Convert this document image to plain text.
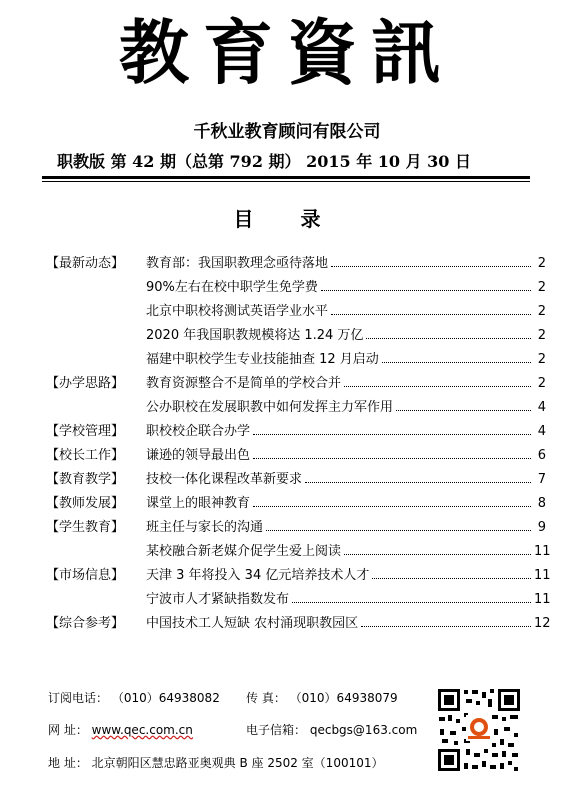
教育資訊
千秋业教育顾问有限公司
职教版 第 42 期（总第 792 期） 2015 年 10 月 30 日
目 录
【最新动态】 教育部：我国职教理念亟待落地	2
90%左右在校中职学生免学费	2
北京中职校将测试英语学业水平	2
2020 年我国职教规模将达 1.24 万亿	2
福建中职校学生专业技能抽查 12 月启动	2
【办学思路】 教育资源整合不是简单的学校合并	2
公办职校在发展职教中如何发挥主力军作用	4
【学校管理】 职校校企联合办学	4
【校长工作】 谦逊的领导最出色	6
【教育教学】 技校一体化课程改革新要求	7
【教师发展】 课堂上的眼神教育	8
【学生教育】 班主任与家长的沟通	9
某校融合新老媒介促学生爱上阅读	11
【市场信息】 天津 3 年将投入 34 亿元培养技术人才	11
宁波市人才紧缺指数发布	11
【综合参考】 中国技术工人短缺 农村涌现职教园区	12
订阅电话： （010）64938082 传 真： （010）64938079
网 址： www.qec.com.cn	电子信箱： qecbgs@163.com
地 址： 北京朝阳区慧忠路亚奥观典 B 座 2502 室（100101）
